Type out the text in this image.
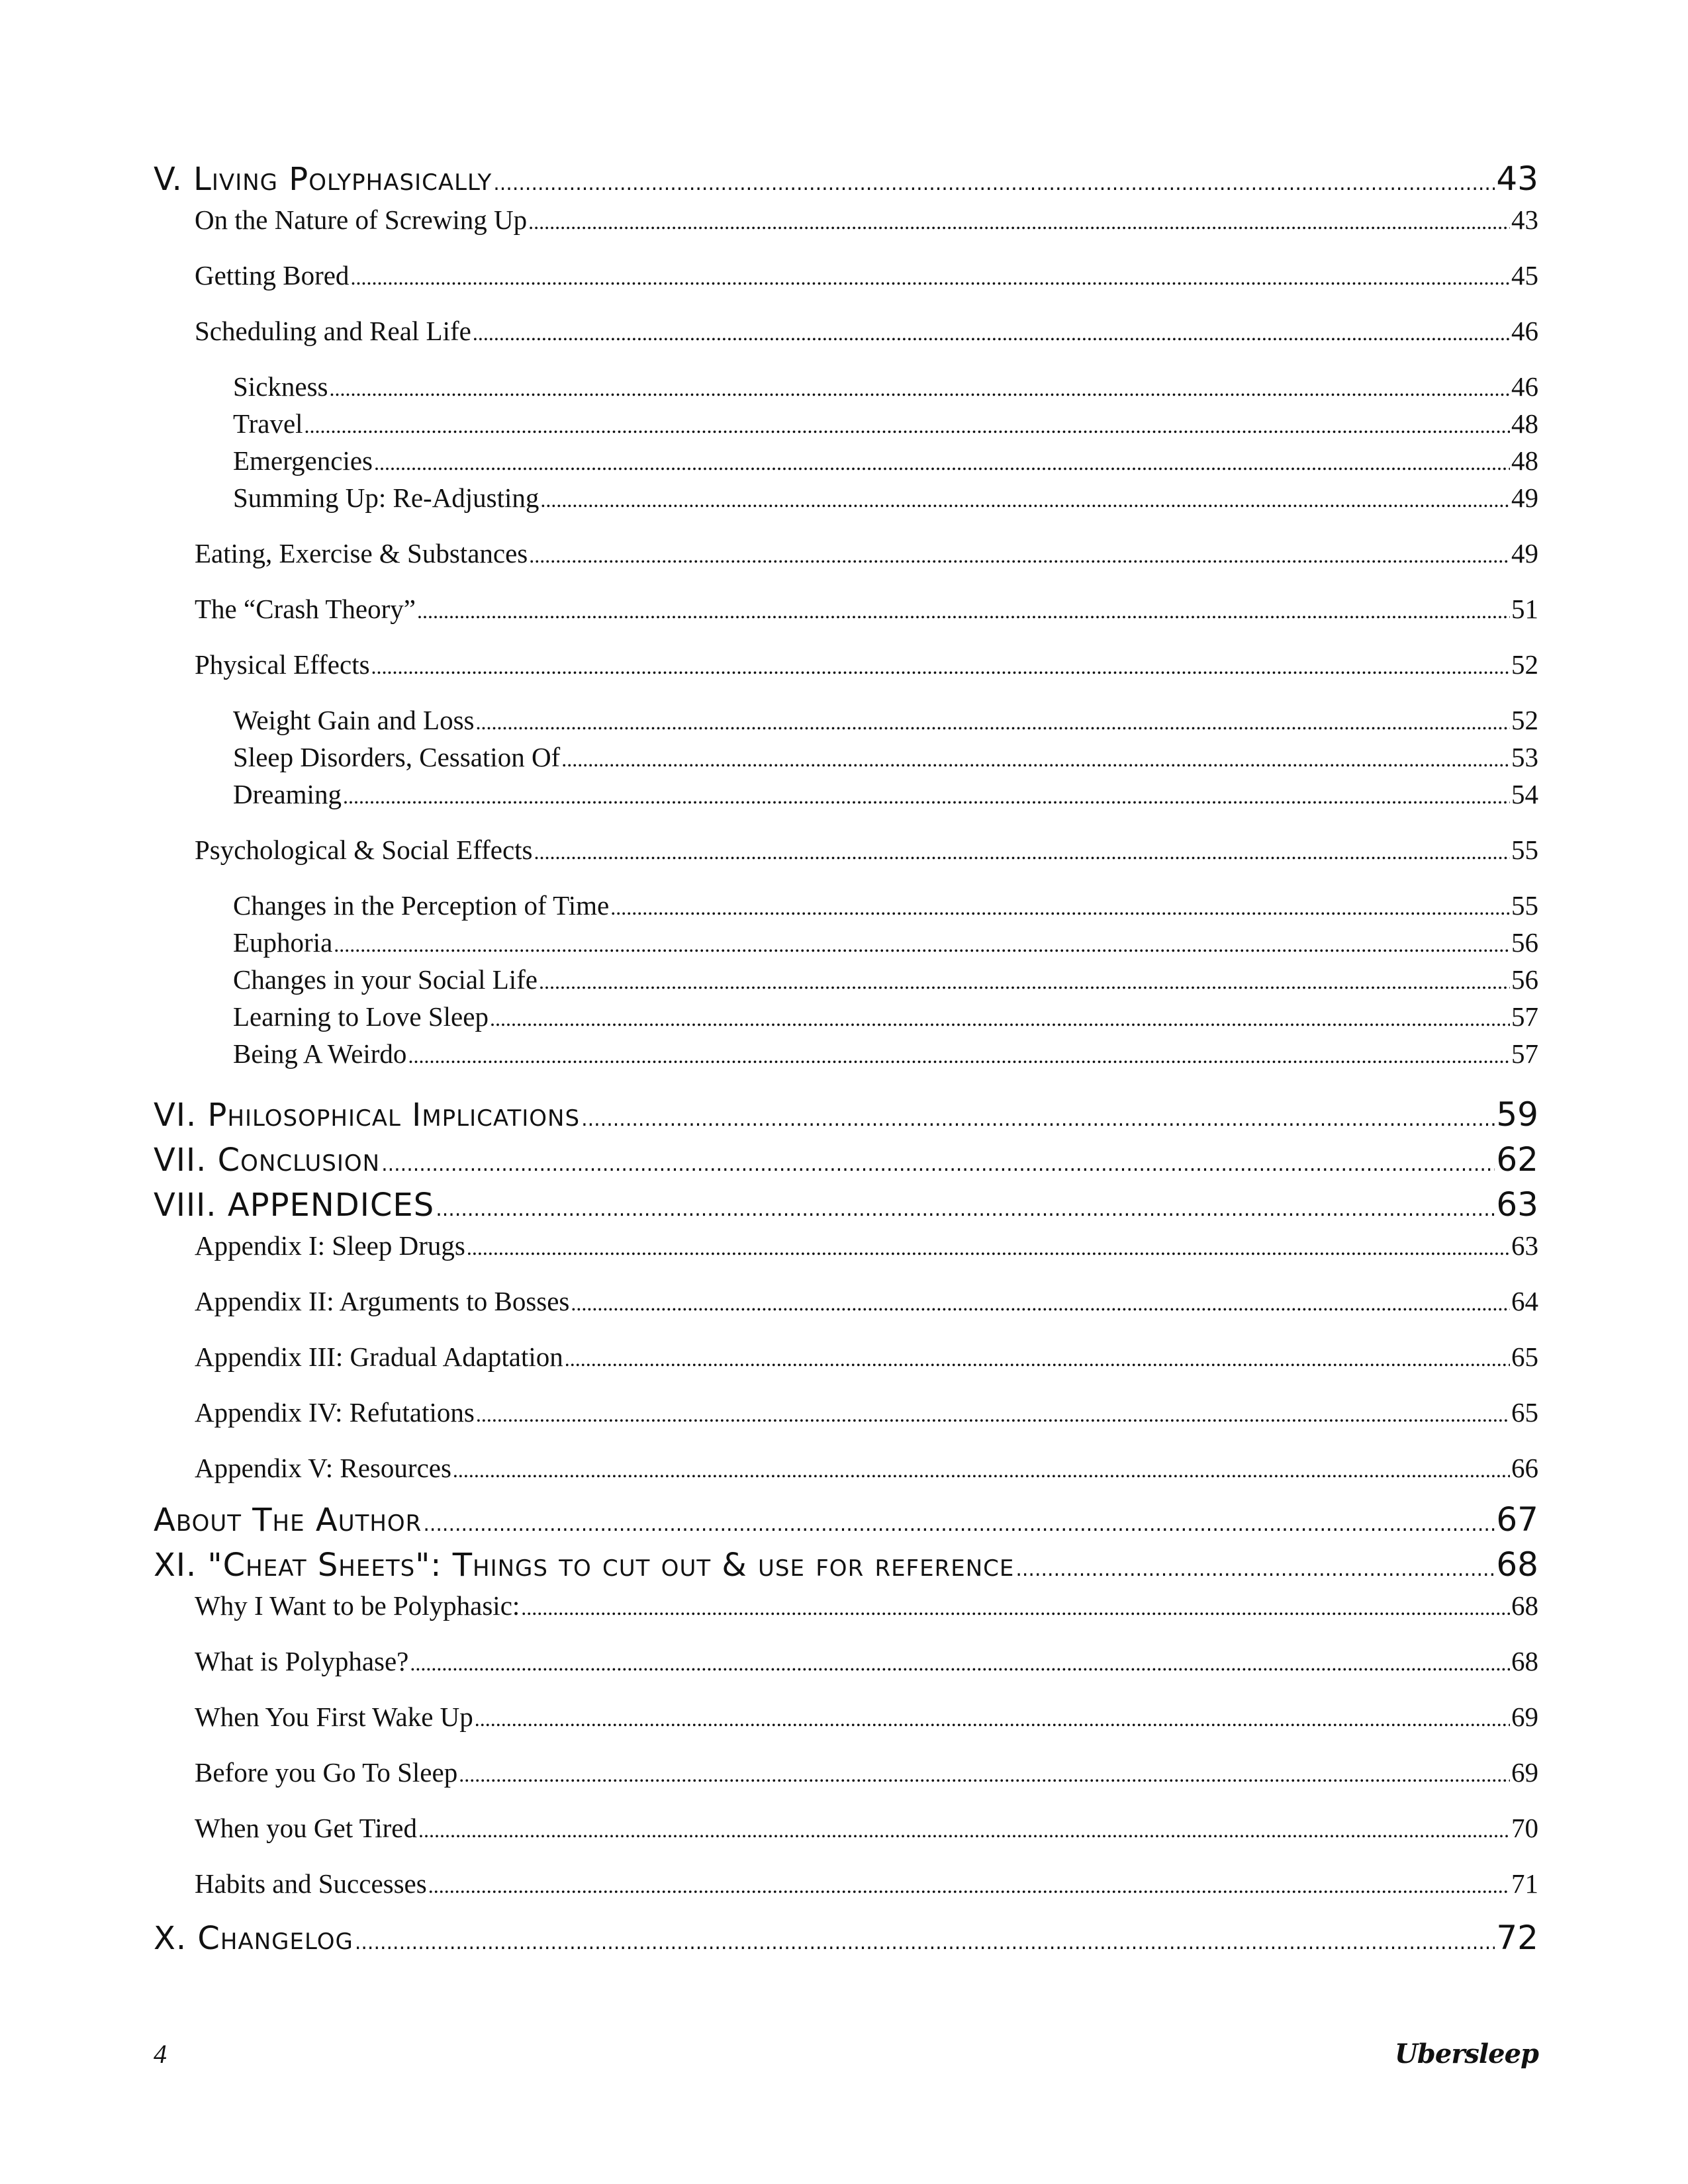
V. Living Polyphasically .....	43
On the Nature of Screwing Up .....	43
Getting Bored .....	45
Scheduling and Real Life .....	46
Sickness .....	46
Travel .....	48
Emergencies .....	48
Summing Up: Re-Adjusting .....	49
Eating, Exercise & Substances .....	49
The “Crash Theory” .....	51
Physical Effects .....	52
Weight Gain and Loss .....	52
Sleep Disorders, Cessation Of .....	53
Dreaming .....	54
Psychological & Social Effects .....	55
Changes in the Perception of Time .....	55
Euphoria .....	56
Changes in your Social Life .....	56
Learning to Love Sleep .....	57
Being A Weirdo .....	57
VI. Philosophical Implications .....	59
VII. Conclusion .....	62
VIII. APPENDICES .....	63
Appendix I: Sleep Drugs .....	63
Appendix II: Arguments to Bosses .....	64
Appendix III: Gradual Adaptation .....	65
Appendix IV: Refutations .....	65
Appendix V: Resources .....	66
About The Author .....	67
XI. "Cheat Sheets": Things to cut out & use for reference .....	68
Why I Want to be Polyphasic: .....	68
What is Polyphase? .....	68
When You First Wake Up .....	69
Before you Go To Sleep .....	69
When you Get Tired .....	70
Habits and Successes .....	71
X. Changelog .....	72
4	Ubersleep
